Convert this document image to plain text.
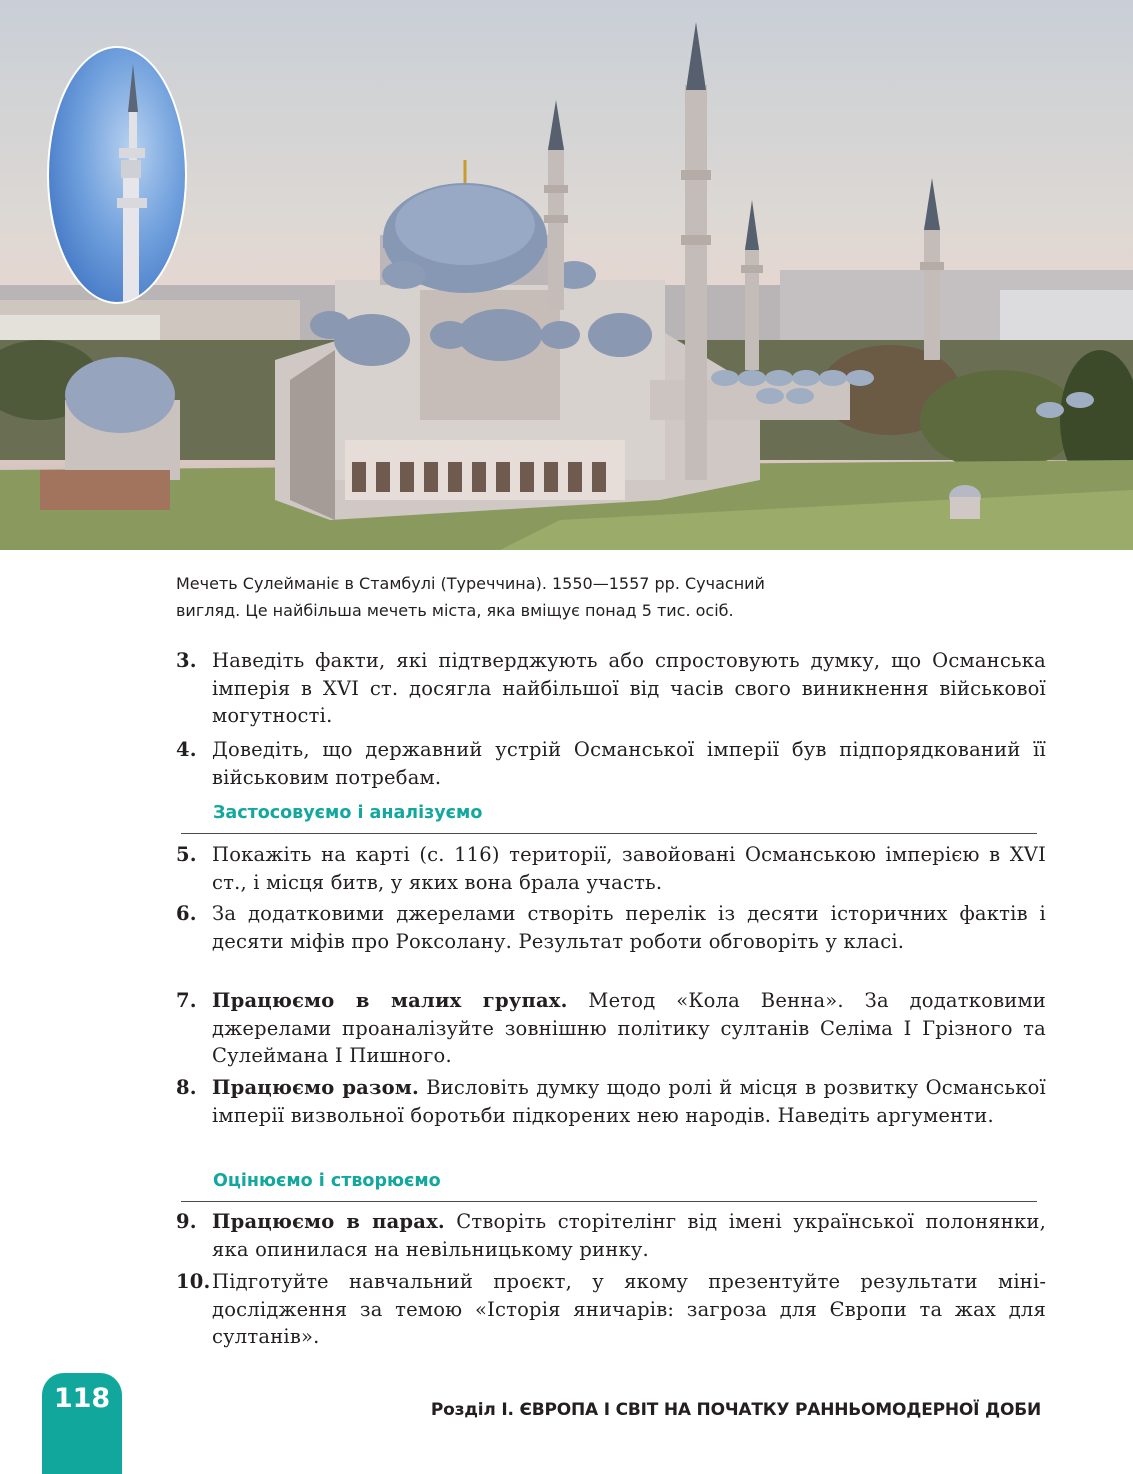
Мечеть Сулейманіє в Стамбулі (Туреччина). 1550—1557 рр. Сучасний
вигляд. Це найбільша мечеть міста, яка вміщує понад 5 тис. осіб.

3. Наведіть факти, які підтверджують або спростовують думку, що Османська імперія в XVI ст. досягла найбільшої від часів свого виникнення військової могутності.

4. Доведіть, що державний устрій Османської імперії був підпорядкований її військовим потребам.

Застосовуємо і аналізуємо

5. Покажіть на карті (с. 116) території, завойовані Османською імперією в XVI ст., і місця битв, у яких вона брала участь.

6. За додатковими джерелами створіть перелік із десяти історичних фактів і десяти міфів про Роксолану. Результат роботи обговоріть у класі.

7. Працюємо в малих групах. Метод «Кола Венна». За додатковими джерелами проаналізуйте зовнішню політику султанів Селіма І Грізного та Сулеймана І Пишного.

8. Працюємо разом. Висловіть думку щодо ролі й місця в розвитку Османської імперії визвольної боротьби підкорених нею народів. Наведіть аргументи.

Оцінюємо і створюємо

9. Працюємо в парах. Створіть сторітелінг від імені української полонянки, яка опинилася на невільницькому ринку.

10. Підготуйте навчальний проєкт, у якому презентуйте результати мінідослідження за темою «Історія яничарів: загроза для Європи та жах для султанів».

118	Розділ I. ЄВРОПА І СВІТ НА ПОЧАТКУ РАННЬОМОДЕРНОЇ ДОБИ
